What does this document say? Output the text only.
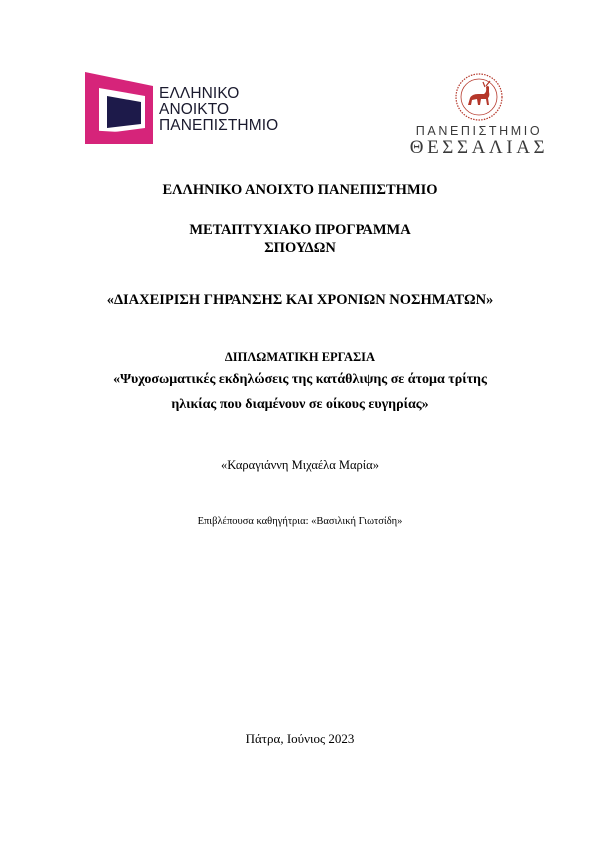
ΕΛΛΗΝΙΚΟ
ΑΝΟΙΚΤΟ
ΠΑΝΕΠΙΣΤΗΜΙΟ	ΠΑΝΕΠΙΣΤΗΜΙΟ
ΘΕΣΣΑΛΙΑΣ
ΕΛΛΗΝΙΚΟ ΑΝΟΙΧΤΟ ΠΑΝΕΠΙΣΤΗΜΙΟ
ΜΕΤΑΠΤΥΧΙΑΚΟ ΠΡΟΓΡΑΜΜΑ
ΣΠΟΥΔΩΝ
«ΔΙΑΧΕΙΡΙΣΗ ΓΗΡΑΝΣΗΣ ΚΑΙ ΧΡΟΝΙΩΝ ΝΟΣΗΜΑΤΩΝ»
ΔΙΠΛΩΜΑΤΙΚΗ ΕΡΓΑΣΙΑ
«Ψυχοσωματικές εκδηλώσεις της κατάθλιψης σε άτομα τρίτης
ηλικίας που διαμένουν σε οίκους ευγηρίας»
«Καραγιάννη Μιχαέλα Μαρία»
Επιβλέπουσα καθηγήτρια: «Βασιλική Γιωτσίδη»
Πάτρα, Ιούνιος 2023
